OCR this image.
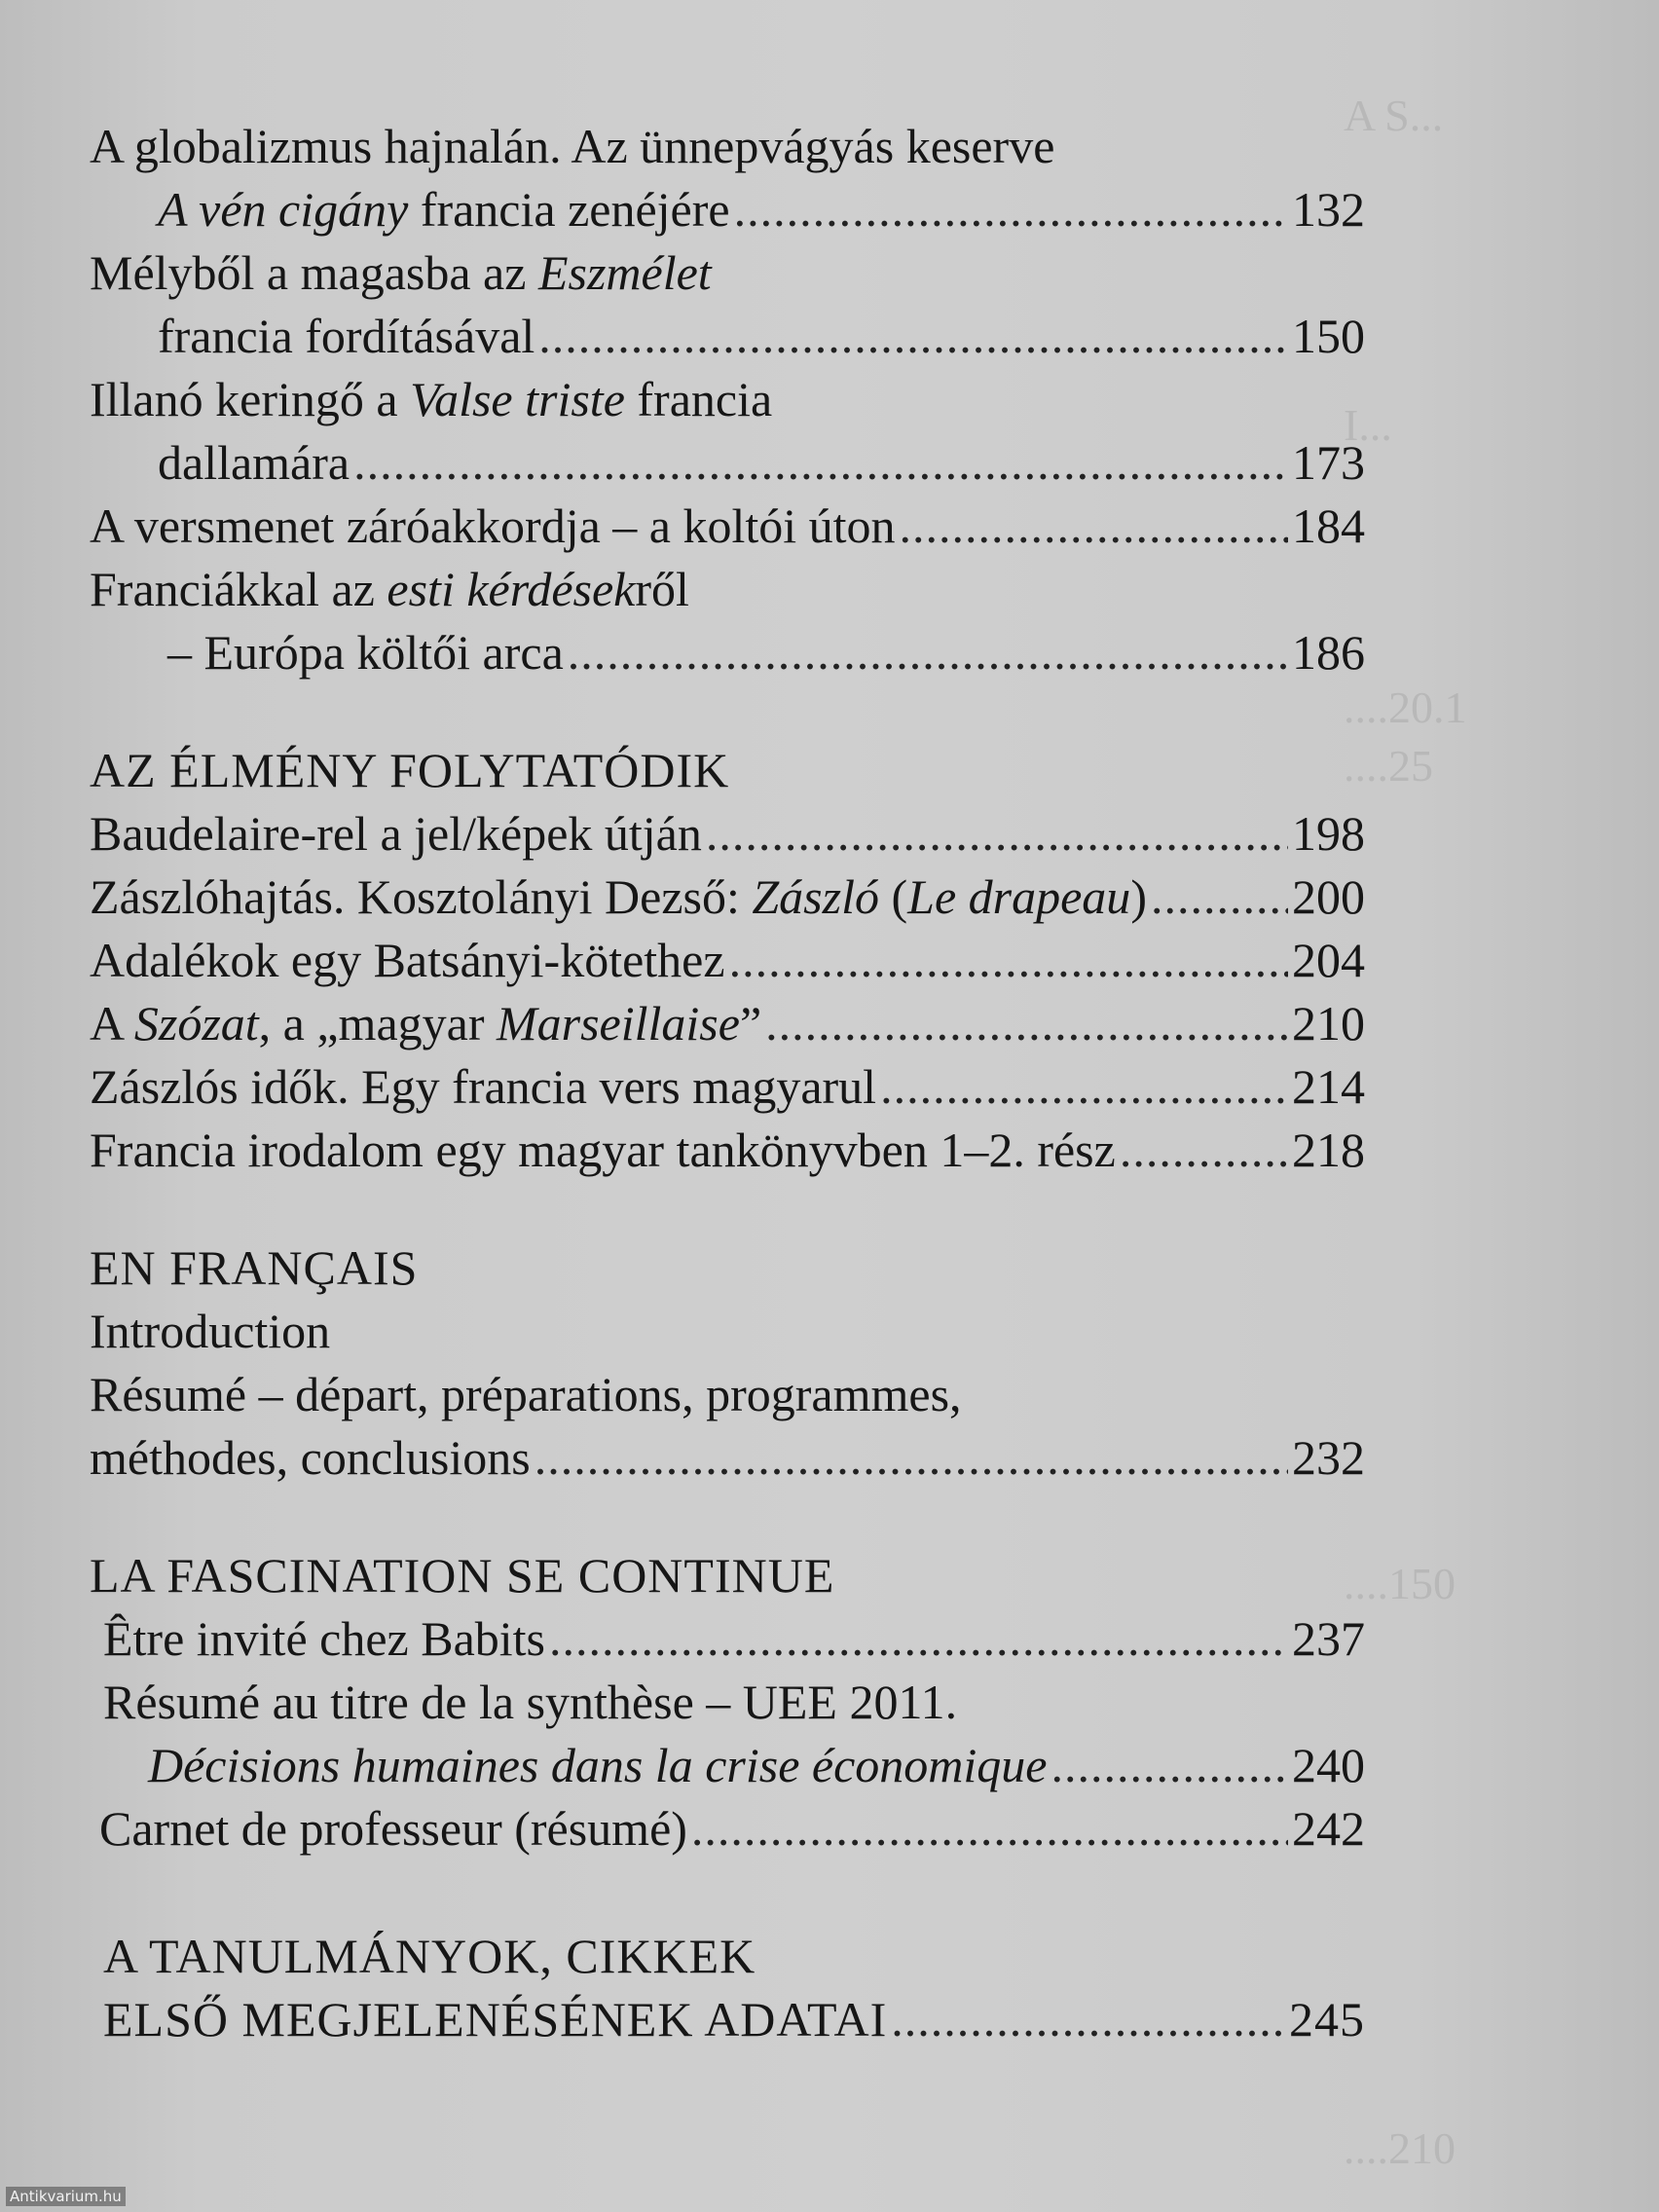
A S...
I...
....20.1
....25
....150
....210
A globalizmus hajnalán. Az ünnepvágyás keserve
A vén cigány francia zenéjére .....	132
Mélyből a magasba az Eszmélet
francia fordításával .....	150
Illanó keringő a Valse triste francia
dallamára .....	173
A versmenet záróakkordja – a koltói úton .....	184
Franciákkal az esti kérdésekről
– Európa költői arca .....	186
AZ ÉLMÉNY FOLYTATÓDIK
Baudelaire-rel a jel/képek útján .....	198
Zászlóhajtás. Kosztolányi Dezső: Zászló (Le drapeau) .....	200
Adalékok egy Batsányi-kötethez .....	204
A Szózat, a „magyar Marseillaise” .....	210
Zászlós idők. Egy francia vers magyarul .....	214
Francia irodalom egy magyar tankönyvben 1–2. rész .....	218
EN FRANÇAIS
Introduction
Résumé – départ, préparations, programmes,
méthodes, conclusions .....	232
LA FASCINATION SE CONTINUE
Être invité chez Babits .....	237
Résumé au titre de la synthèse – UEE 2011.
Décisions humaines dans la crise économique .....	240
Carnet de professeur (résumé) .....	242
A TANULMÁNYOK, CIKKEK
ELSŐ MEGJELENÉSÉNEK ADATAI .....	245
Antikvarium.hu
